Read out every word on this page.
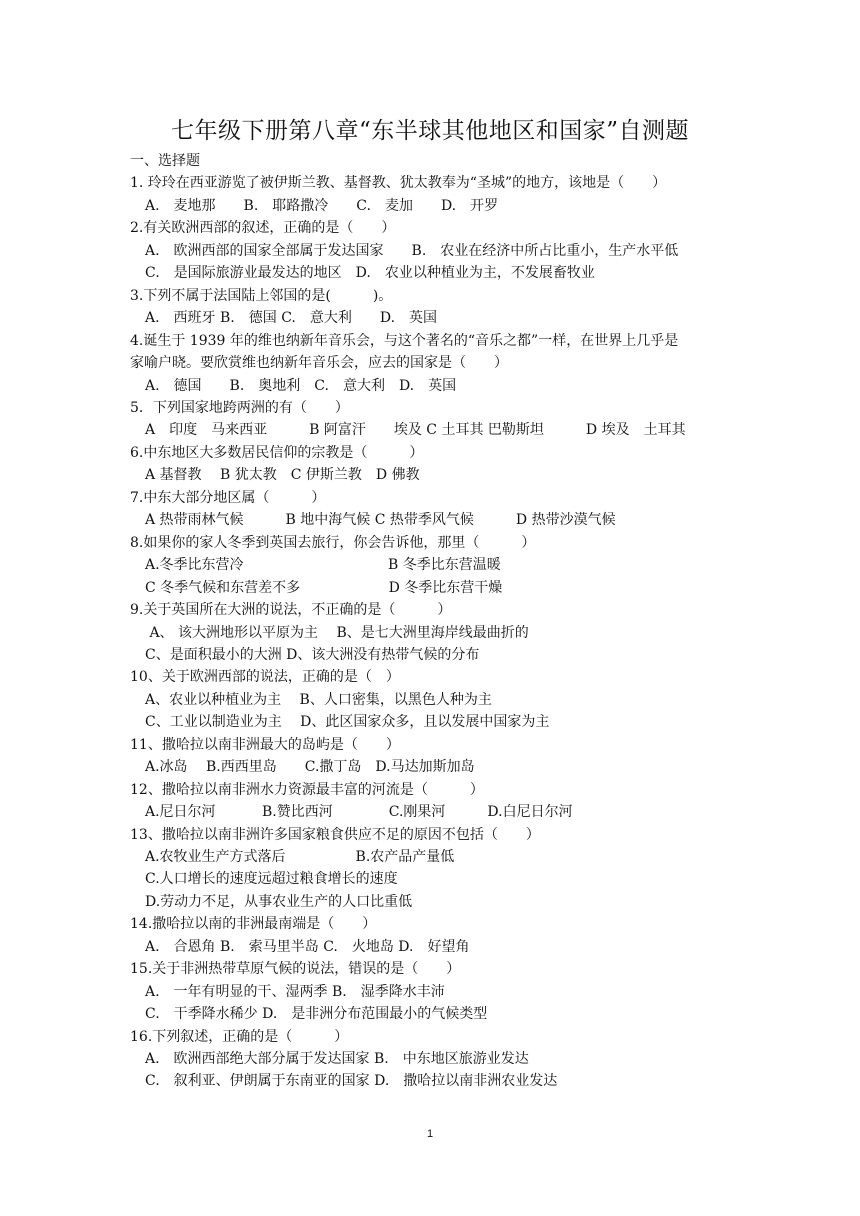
七年级下册第八章“东半球其他地区和国家”自测题
一、选择题
1. 玲玲在西亚游览了被伊斯兰教、基督教、犹太教奉为“圣城”的地方，该地是（　　）
A.　麦地那　　B.　耶路撒冷　　C.　麦加　　D.　开罗
2.有关欧洲西部的叙述，正确的是（　　）
A.　欧洲西部的国家全部属于发达国家　　B.　农业在经济中所占比重小，生产水平低
C.　是国际旅游业最发达的地区　D.　农业以种植业为主，不发展畜牧业
3.下列不属于法国陆上邻国的是(　　　)。
A.　西班牙 B.　德国 C.　意大利　　D.　英国
4.诞生于 1939 年的维也纳新年音乐会，与这个著名的“音乐之都”一样，在世界上几乎是
家喻户晓。要欣赏维也纳新年音乐会，应去的国家是（　　）
A.　德国　　B.　奥地利　C.　意大利　D.　英国
5．下列国家地跨两洲的有（　　）
A　印度　马来西亚　　　B 阿富汗　　埃及 C 土耳其 巴勒斯坦　　　D 埃及　土耳其
6.中东地区大多数居民信仰的宗教是（　　　）
A 基督教　 B 犹太教　C 伊斯兰教　D 佛教
7.中东大部分地区属（　　　）
A 热带雨林气候　　　B 地中海气候 C 热带季风气候　　　D 热带沙漠气候
8.如果你的家人冬季到英国去旅行，你会告诉他，那里（　　　）
A.冬季比东营冷　　　　　　　　　　 B 冬季比东营温暖
C 冬季气候和东营差不多　　　　　　 D 冬季比东营干燥
9.关于英国所在大洲的说法，不正确的是（　　　）
A、 该大洲地形以平原为主　 B、是七大洲里海岸线最曲折的
C、是面积最小的大洲 D、该大洲没有热带气候的分布
10、关于欧洲西部的说法，正确的是（　）
A、农业以种植业为主　 B、人口密集，以黑色人种为主
C、工业以制造业为主　 D、此区国家众多，且以发展中国家为主
11、撒哈拉以南非洲最大的岛屿是（　　）
A.冰岛　 B.西西里岛　　C.撒丁岛　D.马达加斯加岛
12、撒哈拉以南非洲水力资源最丰富的河流是（　　　）
A.尼日尔河　　　 B.赞比西河　　　　C.刚果河　　　D.白尼日尔河
13、撒哈拉以南非洲许多国家粮食供应不足的原因不包括（　　）
A.农牧业生产方式落后　　　　　B.农产品产量低
C.人口增长的速度远超过粮食增长的速度
D.劳动力不足，从事农业生产的人口比重低
14.撒哈拉以南的非洲最南端是（　　）
A.　合恩角 B.　索马里半岛 C.　火地岛 D.　好望角
15.关于非洲热带草原气候的说法，错误的是（　　）
A.　一年有明显的干、湿两季 B.　湿季降水丰沛
C.　干季降水稀少 D.　是非洲分布范围最小的气候类型
16.下列叙述，正确的是（　　　）
A.　欧洲西部绝大部分属于发达国家 B.　中东地区旅游业发达
C.　叙利亚、伊朗属于东南亚的国家 D.　撒哈拉以南非洲农业发达
1
